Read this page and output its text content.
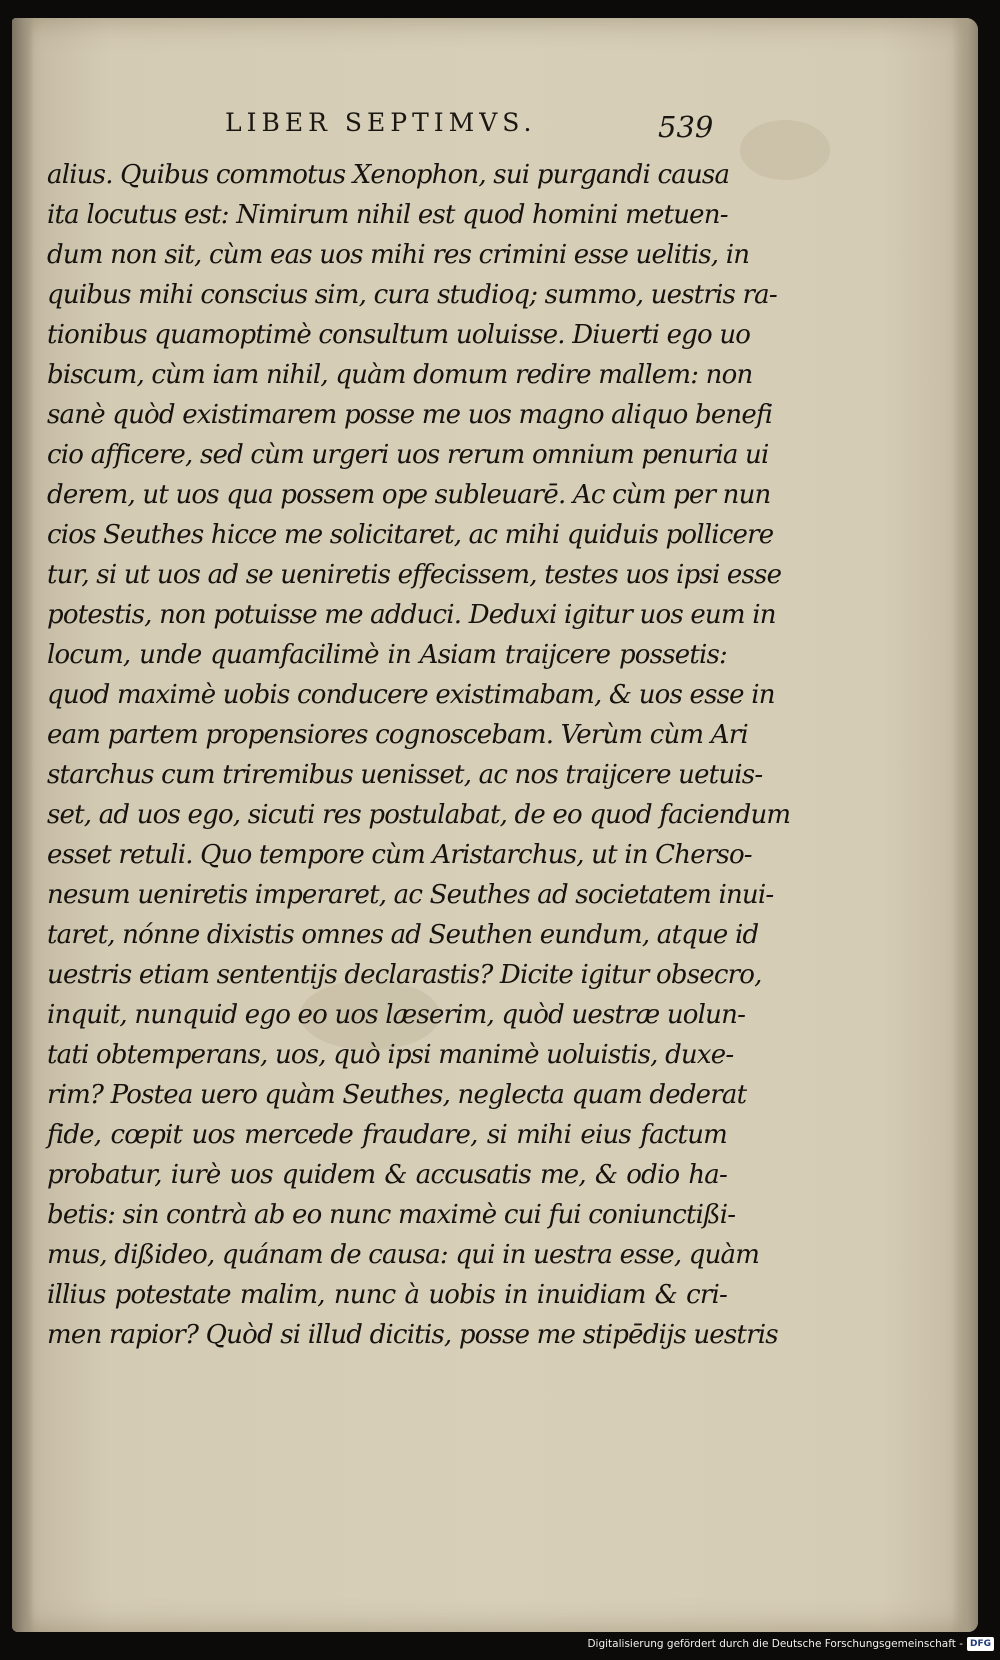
LIBER SEPTIMVS.	539
alius. Quibus commotus Xenophon, sui purgandi causa
ita locutus est: Nimirum nihil est quod homini metuen-
dum non sit, cùm eas uos mihi res crimini esse uelitis, in
quibus mihi conscius sim, cura studioq; summo, uestris ra-
tionibus quamoptimè consultum uoluisse. Diuerti ego uo
biscum, cùm iam nihil, quàm domum redire mallem: non
sanè quòd existimarem posse me uos magno aliquo benefi
cio afficere, sed cùm urgeri uos rerum omnium penuria ui
derem, ut uos qua possem ope subleuarē. Ac cùm per nun
cios Seuthes hicce me solicitaret, ac mihi quiduis pollicere
tur, si ut uos ad se ueniretis effecissem, testes uos ipsi esse
potestis, non potuisse me adduci. Deduxi igitur uos eum in
locum, unde quamfacilimè in Asiam traijcere possetis:
quod maximè uobis conducere existimabam, & uos esse in
eam partem propensiores cognoscebam. Verùm cùm Ari
starchus cum triremibus uenisset, ac nos traijcere uetuis-
set, ad uos ego, sicuti res postulabat, de eo quod faciendum
esset retuli. Quo tempore cùm Aristarchus, ut in Cherso-
nesum ueniretis imperaret, ac Seuthes ad societatem inui-
taret, nónne dixistis omnes ad Seuthen eundum, atque id
uestris etiam sententijs declarastis? Dicite igitur obsecro,
inquit, nunquid ego eo uos læserim, quòd uestræ uolun-
tati obtemperans, uos, quò ipsi manimè uoluistis, duxe-
rim? Postea uero quàm Seuthes, neglecta quam dederat
fide, cœpit uos mercede fraudare, si mihi eius factum
probatur, iurè uos quidem & accusatis me, & odio ha-
betis: sin contrà ab eo nunc maximè cui fui coniunctißi-
mus, dißideo, quánam de causa: qui in uestra esse, quàm
illius potestate malim, nunc à uobis in inuidiam & cri-
men rapior? Quòd si illud dicitis, posse me stipēdijs uestris
Digitalisierung gefördert durch die Deutsche Forschungsgemeinschaft - DFG
